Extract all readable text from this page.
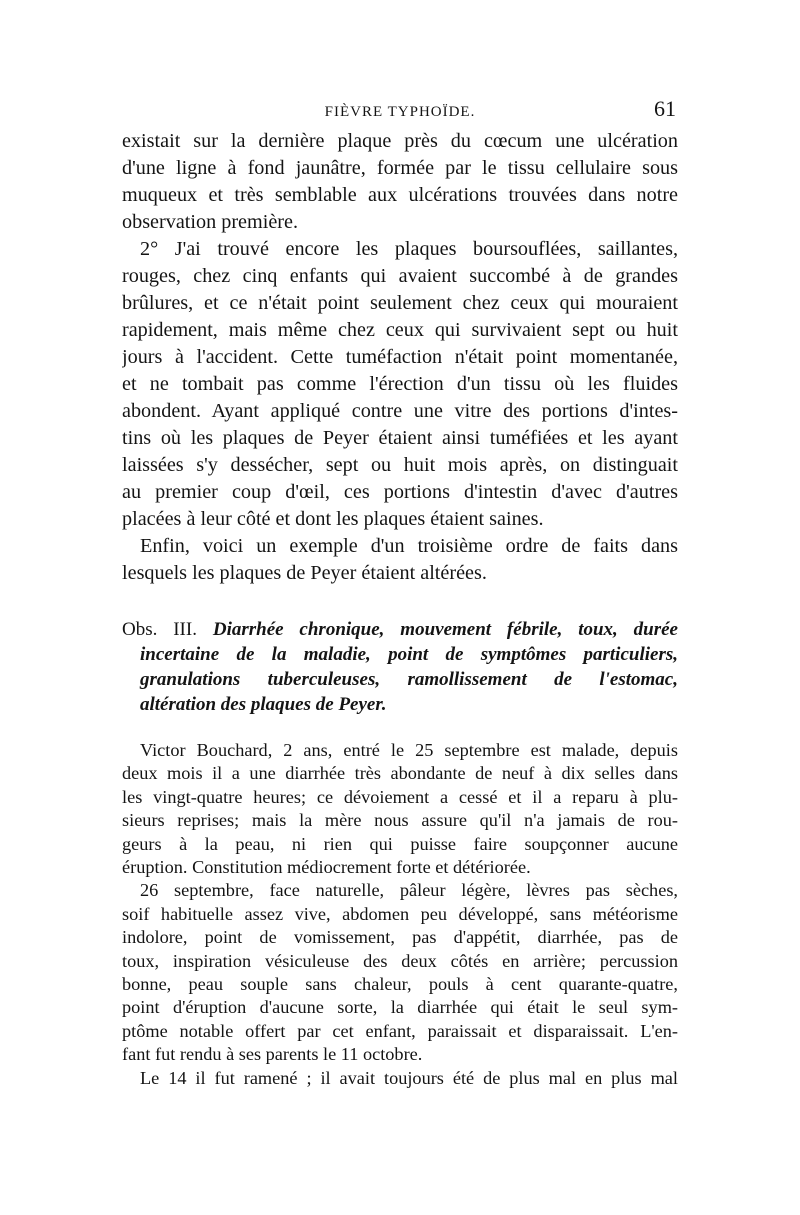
FIÈVRE TYPHOÏDE.	61

existait sur la dernière plaque près du cœcum une ulcération
d'une ligne à fond jaunâtre, formée par le tissu cellulaire sous
muqueux et très semblable aux ulcérations trouvées dans notre
observation première.

2° J'ai trouvé encore les plaques boursouflées, saillantes,
rouges, chez cinq enfants qui avaient succombé à de grandes
brûlures, et ce n'était point seulement chez ceux qui mouraient
rapidement, mais même chez ceux qui survivaient sept ou huit
jours à l'accident. Cette tuméfaction n'était point momentanée,
et ne tombait pas comme l'érection d'un tissu où les fluides
abondent. Ayant appliqué contre une vitre des portions d'intes-
tins où les plaques de Peyer étaient ainsi tuméfiées et les ayant
laissées s'y dessécher, sept ou huit mois après, on distinguait
au premier coup d'œil, ces portions d'intestin d'avec d'autres
placées à leur côté et dont les plaques étaient saines.

Enfin, voici un exemple d'un troisième ordre de faits dans
lesquels les plaques de Peyer étaient altérées.

Obs. III. Diarrhée chronique, mouvement fébrile, toux, durée
incertaine de la maladie, point de symptômes particuliers,
granulations tuberculeuses, ramollissement de l'estomac,
altération des plaques de Peyer.

Victor Bouchard, 2 ans, entré le 25 septembre est malade, depuis
deux mois il a une diarrhée très abondante de neuf à dix selles dans
les vingt-quatre heures; ce dévoiement a cessé et il a reparu à plu-
sieurs reprises; mais la mère nous assure qu'il n'a jamais de rou-
geurs à la peau, ni rien qui puisse faire soupçonner aucune
éruption. Constitution médiocrement forte et détériorée.

26 septembre, face naturelle, pâleur légère, lèvres pas sèches,
soif habituelle assez vive, abdomen peu développé, sans météorisme
indolore, point de vomissement, pas d'appétit, diarrhée, pas de
toux, inspiration vésiculeuse des deux côtés en arrière; percussion
bonne, peau souple sans chaleur, pouls à cent quarante-quatre,
point d'éruption d'aucune sorte, la diarrhée qui était le seul sym-
ptôme notable offert par cet enfant, paraissait et disparaissait. L'en-
fant fut rendu à ses parents le 11 octobre.

Le 14 il fut ramené ; il avait toujours été de plus mal en plus mal
